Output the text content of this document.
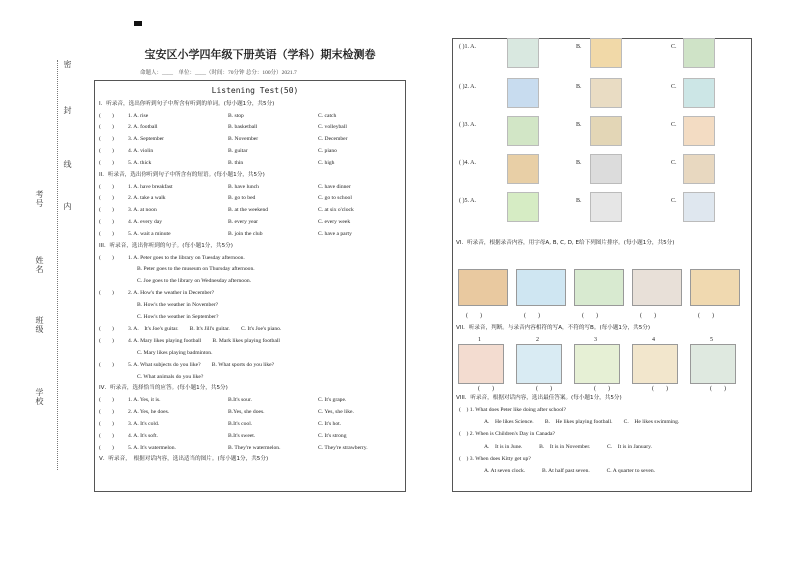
密
封
线
内
学校
班级
姓名
考号
宝安区小学四年级下册英语（学科）期末检测卷
命题人：____　单位：____（时间：70分钟 总分：100分）2021.7
Listening Test(50)
I．听录音，选出你听到句子中所含有听到的单词。(每小题1分，共5分)
(　　)	1. A. rise	B. stop	C. catch
(　　)	2. A. football	B. basketball	C. volleyball
(　　)	3. A. September	B. November	C. December
(　　)	4. A. violin	B. guitar	C. piano
(　　)	5. A. thick	B. thin	C. high
II．听录音，选出你听到句子中所含有的短语。(每小题1分，共5分)
(　　)	1. A. have breakfast	B. have lunch	C. have dinner
(　　)	2. A. take a walk	B. go to bed	C. go to school
(　　)	3. A. at noon	B. at the weekend	C. at six o'clock
(　　)	4. A. every day	B. every year	C. every week
(　　)	5. A. wait a minute	B. join the club	C. have a party
III．听录音，选出你听到的句子。(每小题1分，共5分)
(　　)	1. A. Peter goes to the library on Tuesday afternoon.
B. Peter goes to the museum on Thursday afternoon.
C. Joe goes to the library on Wednesday afternoon.
(　　)	2. A. How's the weather in December?
B. How's the weather in November?
C. How's the weather in September?
(　　)	3. A.　It's Joe's guitar.　　B. It's Jill's guitar.　　C. It's Joe's piano.
(　　)	4. A. Mary likes playing football　　B. Mark likes playing football
C. Mary likes playing badminton.
(　　)	5. A. What subjects do you like?　　B. What sports do you like?
C. What animals do you like?
IV．听录音，选择恰当的应答。(每小题1分，共5分)
(　　)	1. A. Yes, it is.	B.It's sour.	C. It's grape.
(　　)	2. A. Yes, he does.	B.Yes, she does.	C. Yes, she like.
(　　)	3. A. It's cold.	B.It's cool.	C. It's hot.
(　　)	4. A. It's soft.	B.It's sweet.	C. It's strong
(　　)	5. A. It's watermelon.	B. They're watermelon.	C. They're strawberry.
V．听录音，　根据对话内容，选出适当的图片。(每小题1分，共5分)
( )1. A.	B.	C.
( )2. A.	B.	C.
( )3. A.	B.	C.
( )4. A.	B.	C.
( )5. A.	B.	C.
VI．听录音，根据录音内容，用字母A, B, C, D, E给下列图片排序。(每小题1分，共5分)
(　　)	(　　)	(　　)	(　　)	(　　)
VII．听录音，判断。与录音内容相符的写A，不符的写B。(每小题1分，共5分)
1
(　　)
2
(　　)
3
(　　)
4
(　　)
5
(　　)
VIII．听录音，根据对话内容，选出最佳答案。(每小题1分，共5分)
(　) 1. What does Peter like doing after school?
A.　He likes Science.　　B.　He likes playing football.　　C.　He likes swimming.
(　) 2. When is Children's Day in Canada?
A.　It is in June.　　　B.　It is in November.　　　C.　It is in January.
(　) 3. When does Kitty get up?
A. At seven clock.　　　B. At half past seven.　　　C. A quarter to seven.
